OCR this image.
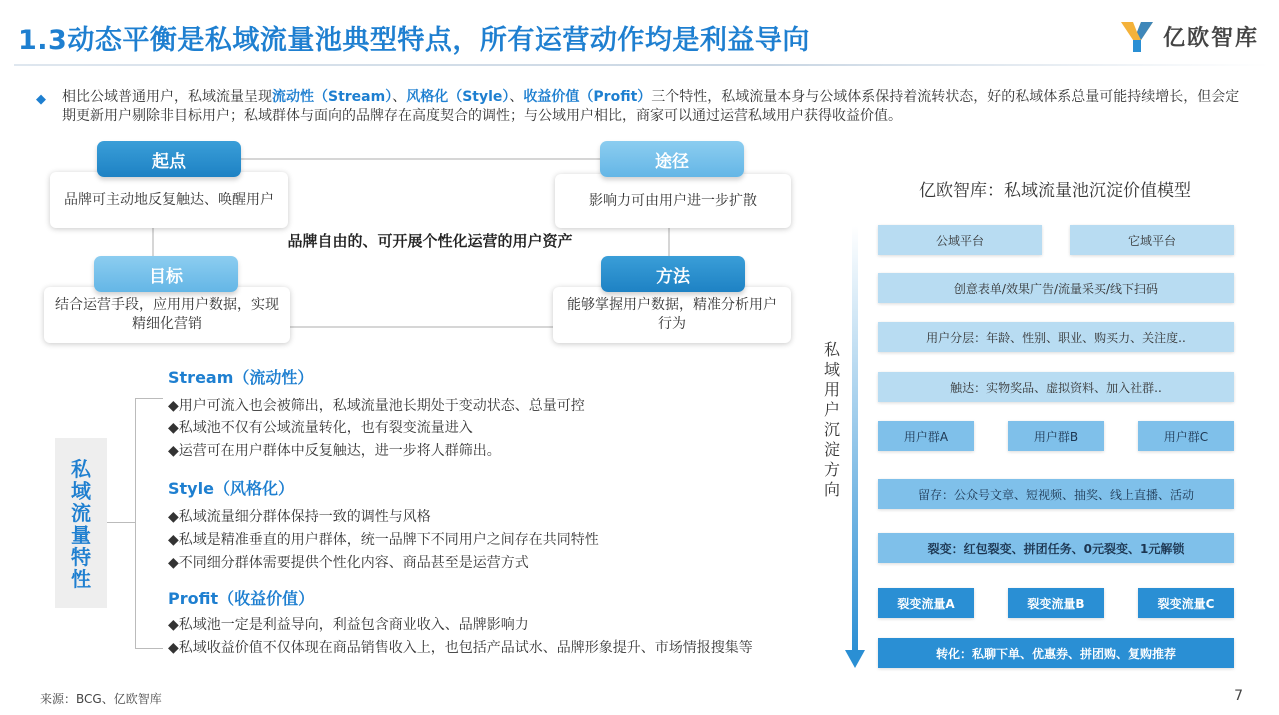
1.3动态平衡是私域流量池典型特点，所有运营动作均是利益导向	亿欧智库
◆	相比公域普通用户，私域流量呈现流动性（Stream）、风格化（Style）、收益价值（Profit）三个特性，私域流量本身与公域体系保持着流转状态，好的私域体系总量可能持续增长，但会定期更新用户剔除非目标用户；私域群体与面向的品牌存在高度契合的调性；与公域用户相比，商家可以通过运营私域用户获得收益价值。

品牌可主动地反复触达、唤醒用户
起点
影响力可由用户进一步扩散
途径
结合运营手段，应用用户数据，实现精细化营销
目标
能够掌握用户数据，精准分析用户行为
方法
品牌自由的、可开展个性化运营的用户资产
私
域
流
量
特
性
Stream（流动性）
◆用户可流入也会被筛出，私域流量池长期处于变动状态、总量可控
◆私域池不仅有公域流量转化，也有裂变流量进入
◆运营可在用户群体中反复触达，进一步将人群筛出。
Style（风格化）
◆私域流量细分群体保持一致的调性与风格
◆私域是精准垂直的用户群体，统一品牌下不同用户之间存在共同特性
◆不同细分群体需要提供个性化内容、商品甚至是运营方式
Profit（收益价值）
◆私域池一定是利益导向，利益包含商业收入、品牌影响力
◆私域收益价值不仅体现在商品销售收入上，也包括产品试水、品牌形象提升、市场情报搜集等
亿欧智库：私域流量池沉淀价值模型
私
域
用
户
沉
淀
方
向
公域平台	它域平台
创意表单/效果广告/流量采买/线下扫码
用户分层：年龄、性别、职业、购买力、关注度..
触达：实物奖品、虚拟资料、加入社群..
用户群A	用户群B	用户群C
留存：公众号文章、短视频、抽奖、线上直播、活动
裂变：红包裂变、拼团任务、0元裂变、1元解锁
裂变流量A	裂变流量B	裂变流量C
转化：私聊下单、优惠券、拼团购、复购推荐
来源：BCG、亿欧智库	7
